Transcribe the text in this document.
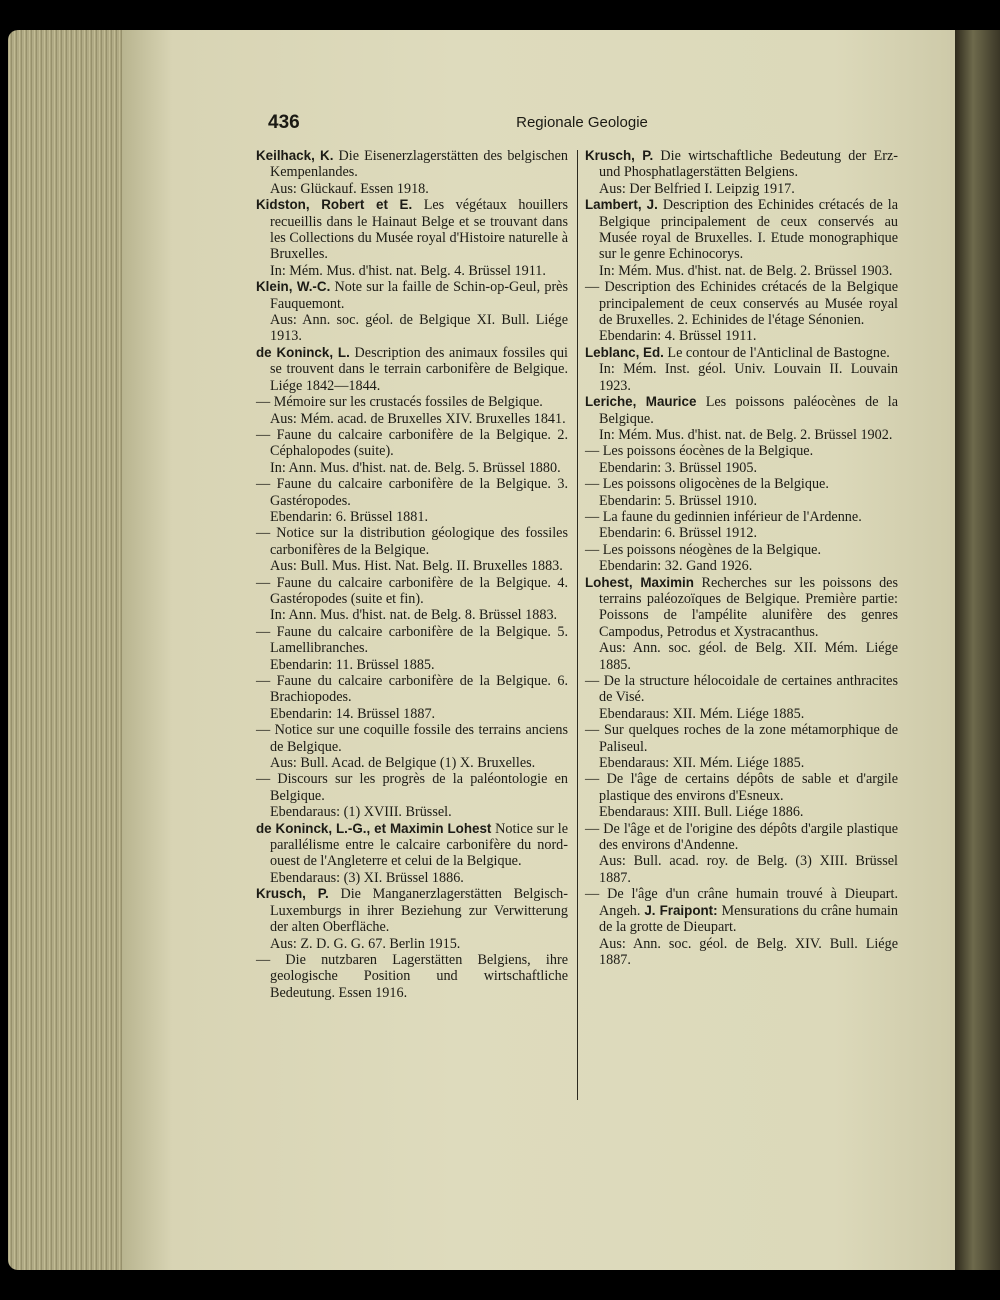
436	Regionale Geologie

Keilhack, K. Die Eisenerzlagerstätten des belgischen Kempenlandes.
Aus: Glückauf. Essen 1918.

Kidston, Robert et E. Les végétaux houillers recueillis dans le Hainaut Belge et se trouvant dans les Collections du Musée royal d'Histoire naturelle à Bruxelles.
In: Mém. Mus. d'hist. nat. Belg. 4. Brüssel 1911.

Klein, W.-C. Note sur la faille de Schin-op-Geul, près Fauquemont.
Aus: Ann. soc. géol. de Belgique XI. Bull. Liége 1913.

de Koninck, L. Description des animaux fossiles qui se trouvent dans le terrain carbonifère de Belgique. Liége 1842—1844.

— Mémoire sur les crustacés fossiles de Belgique.
Aus: Mém. acad. de Bruxelles XIV. Bruxelles 1841.

— Faune du calcaire carbonifère de la Belgique. 2. Céphalopodes (suite).
In: Ann. Mus. d'hist. nat. de. Belg. 5. Brüssel 1880.

— Faune du calcaire carbonifère de la Belgique. 3. Gastéropodes.
Ebendarin: 6. Brüssel 1881.

— Notice sur la distribution géologique des fossiles carbonifères de la Belgique.
Aus: Bull. Mus. Hist. Nat. Belg. II. Bruxelles 1883.

— Faune du calcaire carbonifère de la Belgique. 4. Gastéropodes (suite et fin).
In: Ann. Mus. d'hist. nat. de Belg. 8. Brüssel 1883.

— Faune du calcaire carbonifère de la Belgique. 5. Lamellibranches.
Ebendarin: 11. Brüssel 1885.

— Faune du calcaire carbonifère de la Belgique. 6. Brachiopodes.
Ebendarin: 14. Brüssel 1887.

— Notice sur une coquille fossile des terrains anciens de Belgique.
Aus: Bull. Acad. de Belgique (1) X. Bruxelles.

— Discours sur les progrès de la paléontologie en Belgique.
Ebendaraus: (1) XVIII. Brüssel.

de Koninck, L.-G., et Maximin Lohest Notice sur le parallélisme entre le calcaire carbonifère du nord-ouest de l'Angleterre et celui de la Belgique.
Ebendaraus: (3) XI. Brüssel 1886.

Krusch, P. Die Manganerzlagerstätten Belgisch-Luxemburgs in ihrer Beziehung zur Verwitterung der alten Oberfläche.
Aus: Z. D. G. G. 67. Berlin 1915.

— Die nutzbaren Lagerstätten Belgiens, ihre geologische Position und wirtschaftliche Bedeutung. Essen 1916.

Krusch, P. Die wirtschaftliche Bedeutung der Erz- und Phosphatlagerstätten Belgiens.
Aus: Der Belfried I. Leipzig 1917.

Lambert, J. Description des Echinides crétacés de la Belgique principalement de ceux conservés au Musée royal de Bruxelles. I. Etude monographique sur le genre Echinocorys.
In: Mém. Mus. d'hist. nat. de Belg. 2. Brüssel 1903.

— Description des Echinides crétacés de la Belgique principalement de ceux conservés au Musée royal de Bruxelles. 2. Echinides de l'étage Sénonien.
Ebendarin: 4. Brüssel 1911.

Leblanc, Ed. Le contour de l'Anticlinal de Bastogne.
In: Mém. Inst. géol. Univ. Louvain II. Louvain 1923.

Leriche, Maurice Les poissons paléocènes de la Belgique.
In: Mém. Mus. d'hist. nat. de Belg. 2. Brüssel 1902.

— Les poissons éocènes de la Belgique.
Ebendarin: 3. Brüssel 1905.

— Les poissons oligocènes de la Belgique.
Ebendarin: 5. Brüssel 1910.

— La faune du gedinnien inférieur de l'Ardenne.
Ebendarin: 6. Brüssel 1912.

— Les poissons néogènes de la Belgique.
Ebendarin: 32. Gand 1926.

Lohest, Maximin Recherches sur les poissons des terrains paléozoïques de Belgique. Première partie: Poissons de l'ampélite alunifère des genres Campodus, Petrodus et Xystracanthus.
Aus: Ann. soc. géol. de Belg. XII. Mém. Liége 1885.

— De la structure hélocoidale de certaines anthracites de Visé.
Ebendaraus: XII. Mém. Liége 1885.

— Sur quelques roches de la zone métamorphique de Paliseul.
Ebendaraus: XII. Mém. Liége 1885.

— De l'âge de certains dépôts de sable et d'argile plastique des environs d'Esneux.
Ebendaraus: XIII. Bull. Liége 1886.

— De l'âge et de l'origine des dépôts d'argile plastique des environs d'Andenne.
Aus: Bull. acad. roy. de Belg. (3) XIII. Brüssel 1887.

— De l'âge d'un crâne humain trouvé à Dieupart. Angeh. J. Fraipont: Mensurations du crâne humain de la grotte de Dieupart.
Aus: Ann. soc. géol. de Belg. XIV. Bull. Liége 1887.
